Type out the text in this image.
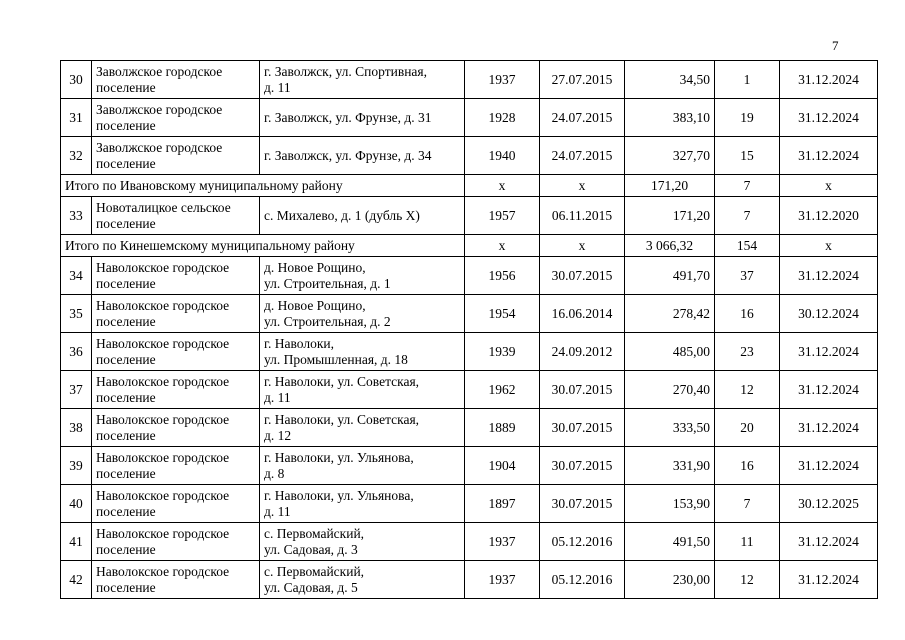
7
30	Заволжское городское
поселение	г. Заволжск, ул. Спортивная,
д. 11	1937	27.07.2015	34,50	1	31.12.2024
31	Заволжское городское
поселение	г. Заволжск, ул. Фрунзе, д. 31	1928	24.07.2015	383,10	19	31.12.2024
32	Заволжское городское
поселение	г. Заволжск, ул. Фрунзе, д. 34	1940	24.07.2015	327,70	15	31.12.2024
Итого по Ивановскому муниципальному району			х	х	171,20	7	х
33	Новоталицкое сельское
поселение	с. Михалево, д. 1 (дубль Х)	1957	06.11.2015	171,20	7	31.12.2020
Итого по Кинешемскому муниципальному району			х	х	3 066,32	154	х
34	Наволокское городское
поселение	д. Новое Рощино,
ул. Строительная, д. 1	1956	30.07.2015	491,70	37	31.12.2024
35	Наволокское городское
поселение	д. Новое Рощино,
ул. Строительная, д. 2	1954	16.06.2014	278,42	16	30.12.2024
36	Наволокское городское
поселение	г. Наволоки,
ул. Промышленная, д. 18	1939	24.09.2012	485,00	23	31.12.2024
37	Наволокское городское
поселение	г. Наволоки, ул. Советская,
д. 11	1962	30.07.2015	270,40	12	31.12.2024
38	Наволокское городское
поселение	г. Наволоки, ул. Советская,
д. 12	1889	30.07.2015	333,50	20	31.12.2024
39	Наволокское городское
поселение	г. Наволоки, ул. Ульянова,
д. 8	1904	30.07.2015	331,90	16	31.12.2024
40	Наволокское городское
поселение	г. Наволоки, ул. Ульянова,
д. 11	1897	30.07.2015	153,90	7	30.12.2025
41	Наволокское городское
поселение	с. Первомайский,
ул. Садовая, д. 3	1937	05.12.2016	491,50	11	31.12.2024
42	Наволокское городское
поселение	с. Первомайский,
ул. Садовая, д. 5	1937	05.12.2016	230,00	12	31.12.2024
